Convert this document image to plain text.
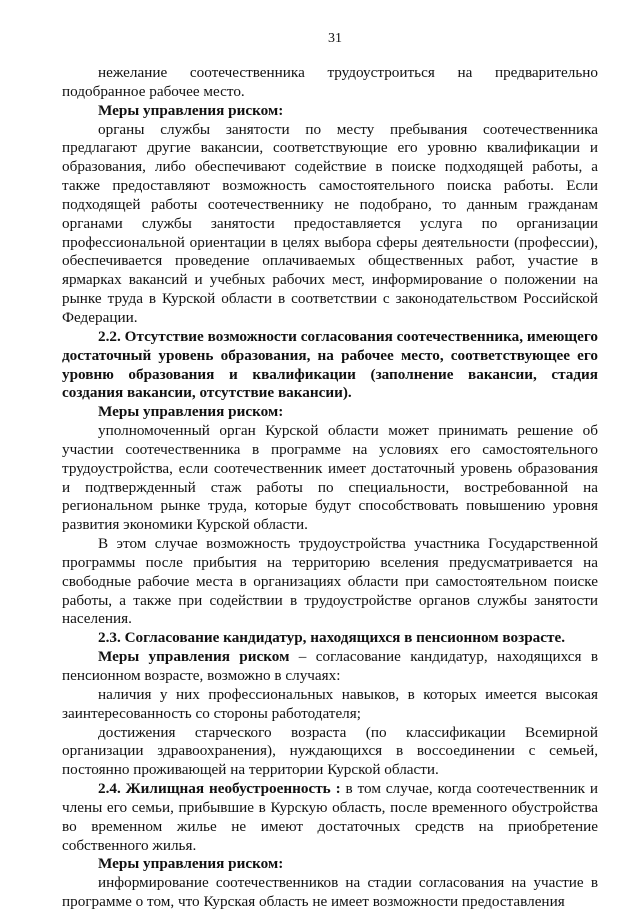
31

нежелание соотечественника трудоустроиться на предварительно подобранное рабочее место.

Меры управления риском:

органы службы занятости по месту пребывания соотечественника предлагают другие вакансии, соответствующие его уровню квалификации и образования, либо обеспечивают содействие в поиске подходящей работы, а также предоставляют возможность самостоятельного поиска работы. Если подходящей работы соотечественнику не подобрано, то данным гражданам органами службы занятости предоставляется услуга по организации профессиональной ориентации в целях выбора сферы деятельности (профессии), обеспечивается проведение оплачиваемых общественных работ, участие в ярмарках вакансий и учебных рабочих мест, информирование о положении на рынке труда в Курской области в соответствии с законодательством Российской Федерации.

2.2. Отсутствие возможности согласования соотечественника, имеющего достаточный уровень образования, на рабочее место, соответствующее его уровню образования и квалификации (заполнение вакансии, стадия создания вакансии, отсутствие вакансии).

Меры управления риском:

уполномоченный орган Курской области может принимать решение об участии соотечественника в программе на условиях его самостоятельного трудоустройства, если соотечественник имеет достаточный уровень образования и подтвержденный стаж работы по специальности, востребованной на региональном рынке труда, которые будут способствовать повышению уровня развития экономики Курской области.

В этом случае возможность трудоустройства участника Государственной программы после прибытия на территорию вселения предусматривается на свободные рабочие места в организациях области при самостоятельном поиске работы, а также при содействии в трудоустройстве органов службы занятости населения.

2.3. Согласование кандидатур, находящихся в пенсионном возрасте.

Меры управления риском – согласование кандидатур, находящихся в пенсионном возрасте, возможно в случаях:

наличия у них профессиональных навыков, в которых имеется высокая заинтересованность со стороны работодателя;

достижения старческого возраста (по классификации Всемирной организации здравоохранения), нуждающихся в воссоединении с семьей, постоянно проживающей на территории Курской области.

2.4. Жилищная необустроенность : в том случае, когда соотечественник и члены его семьи, прибывшие в Курскую область, после временного обустройства во временном жилье не имеют достаточных средств на приобретение собственного жилья.

Меры управления риском:

информирование соотечественников на стадии согласования на участие в программе о том, что Курская область не имеет возможности предоставления
